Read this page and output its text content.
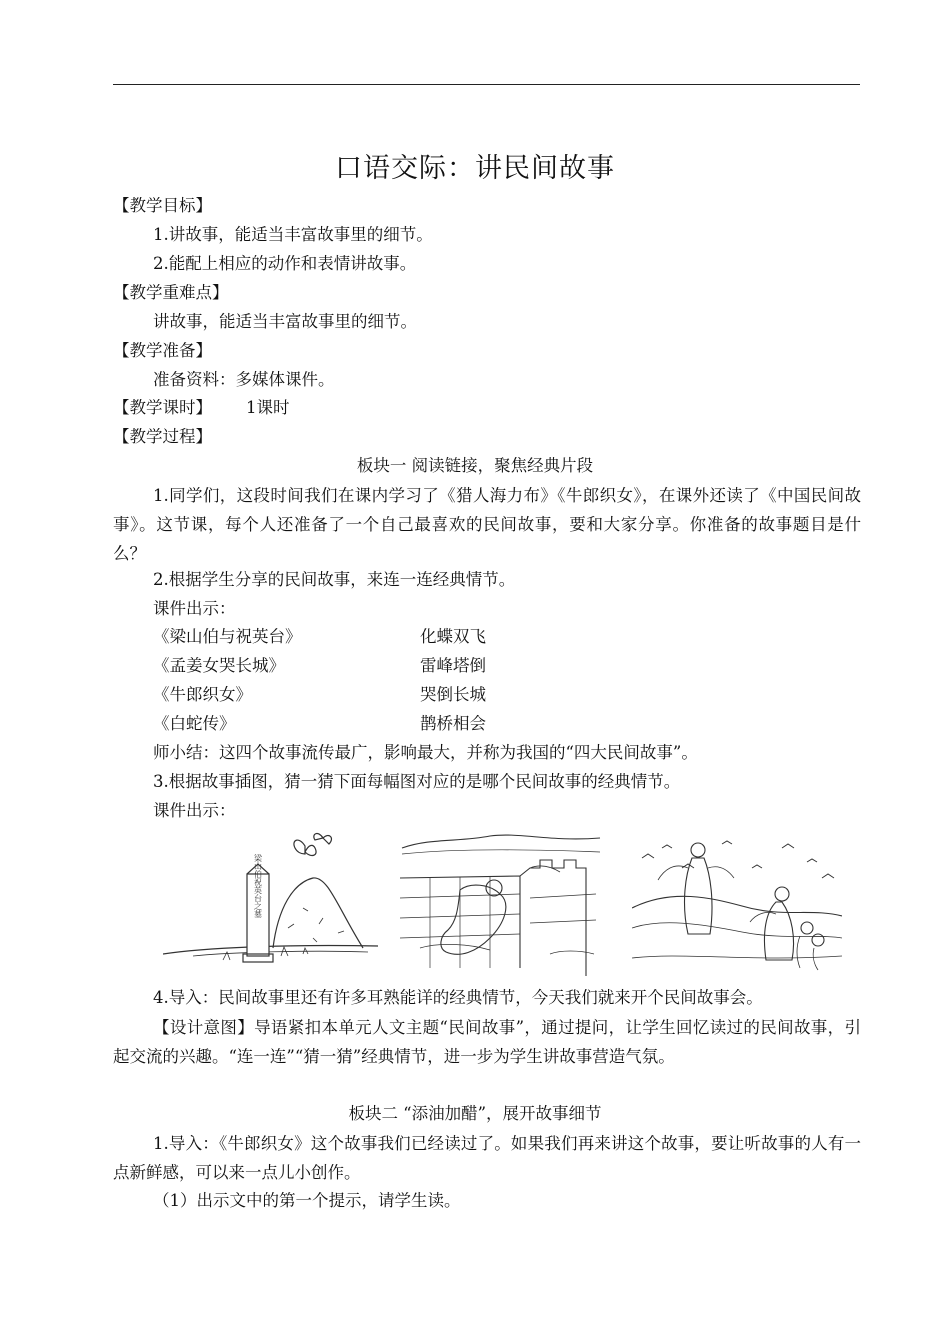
口语交际：讲民间故事
【教学目标】
1.讲故事，能适当丰富故事里的细节。
2.能配上相应的动作和表情讲故事。
【教学重难点】
讲故事，能适当丰富故事里的细节。
【教学准备】
准备资料：多媒体课件。
【教学课时】 1课时
【教学过程】
板块一 阅读链接，聚焦经典片段
1.同学们，这段时间我们在课内学习了《猎人海力布》《牛郎织女》，在课外还读了《中国民间故事》。这节课，每个人还准备了一个自己最喜欢的民间故事，要和大家分享。你准备的故事题目是什么？
2.根据学生分享的民间故事，来连一连经典情节。
课件出示：
《梁山伯与祝英台》	化蝶双飞
《孟姜女哭长城》	雷峰塔倒
《牛郎织女》	哭倒长城
《白蛇传》	鹊桥相会
师小结：这四个故事流传最广，影响最大，并称为我国的“四大民间故事”。
3.根据故事插图，猜一猜下面每幅图对应的是哪个民间故事的经典情节。
课件出示：
梁山伯祝英台之墓
4.导入：民间故事里还有许多耳熟能详的经典情节，今天我们就来开个民间故事会。
【设计意图】导语紧扣本单元人文主题“民间故事”，通过提问，让学生回忆读过的民间故事，引起交流的兴趣。“连一连”“猜一猜”经典情节，进一步为学生讲故事营造气氛。
板块二 “添油加醋”，展开故事细节
1.导入：《牛郎织女》这个故事我们已经读过了。如果我们再来讲这个故事，要让听故事的人有一点新鲜感，可以来一点儿小创作。
（1）出示文中的第一个提示，请学生读。
